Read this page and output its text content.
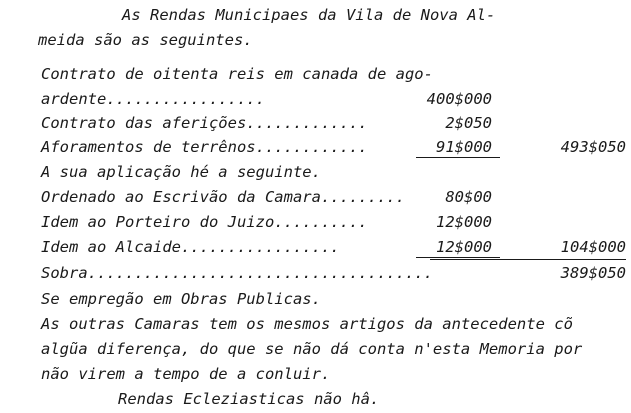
As Rendas Municipaes da Vila de Nova Al-
meida são as seguintes.
Contrato de oitenta reis em canada de ago-
ardente.................	400$000
Contrato das aferições.............	2$050
Aforamentos de terrênos............	91$000	493$050
A sua aplicação hé a seguinte.
Ordenado ao Escrivão da Camara.........	80$00
Idem ao Porteiro do Juizo..........	12$000
Idem ao Alcaide.................	12$000	104$000
Sobra.....................................	389$050
Se empregão em Obras Publicas.
As outras Camaras tem os mesmos artigos da antecedente cõ
algũa diferença, do que se não dá conta n'esta Memoria por
não virem a tempo de a conluir.
Rendas Ecleziasticas não hâ.
